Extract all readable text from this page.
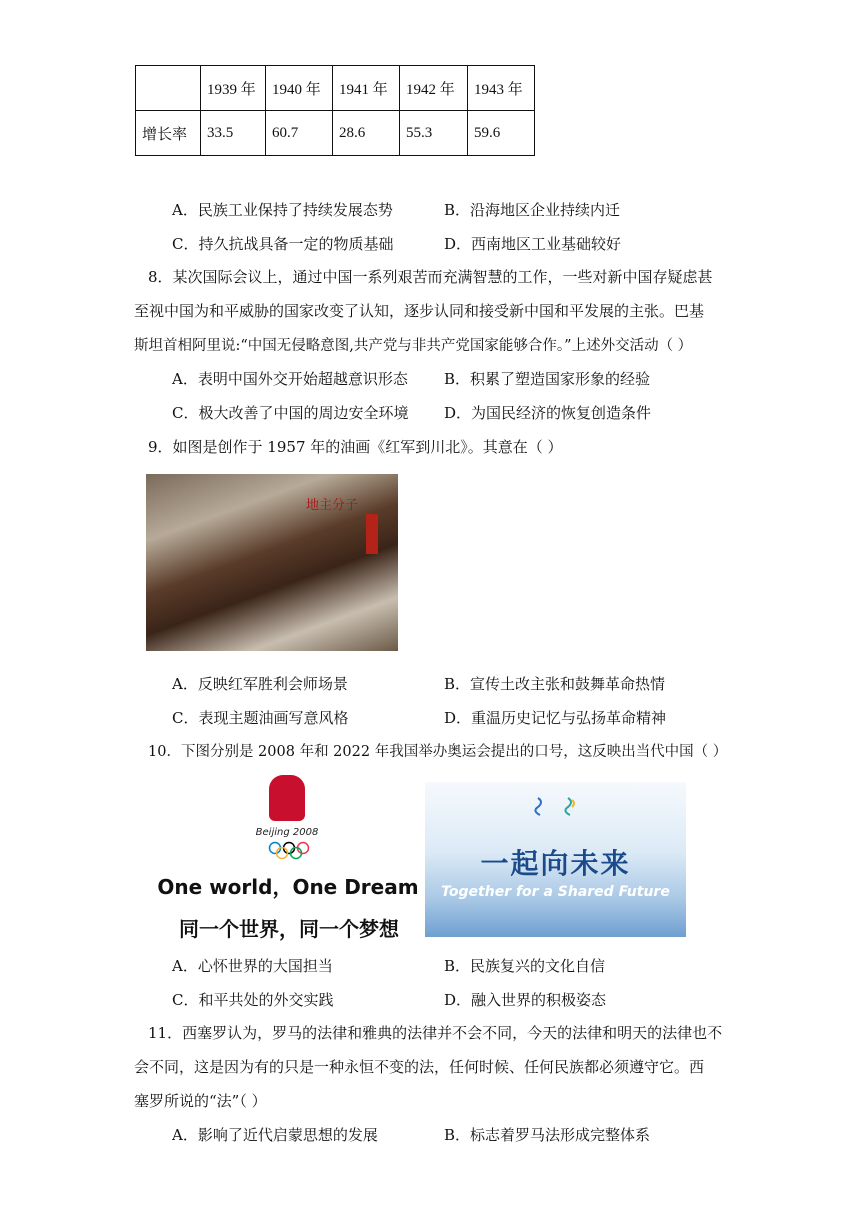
	1939 年	1940 年	1941 年	1942 年	1943 年
增长率	33.5	60.7	28.6	55.3	59.6
A．民族工业保持了持续发展态势	B．沿海地区企业持续内迁
C．持久抗战具备一定的物质基础	D．西南地区工业基础较好
8．某次国际会议上，通过中国一系列艰苦而充满智慧的工作，一些对新中国存疑虑甚
至视中国为和平威胁的国家改变了认知，逐步认同和接受新中国和平发展的主张。巴基
斯坦首相阿里说:“中国无侵略意图,共产党与非共产党国家能够合作。”上述外交活动（ ）
A．表明中国外交开始超越意识形态 B．积累了塑造国家形象的经验
C．极大改善了中国的周边安全环境 D．为国民经济的恢复创造条件
9．如图是创作于 1957 年的油画《红军到川北》。其意在（ ）
地主分子
A．反映红军胜利会师场景	B．宣传土改主张和鼓舞革命热情
C．表现主题油画写意风格	D．重温历史记忆与弘扬革命精神
10．下图分别是 2008 年和 2022 年我国举办奥运会提出的口号，这反映出当代中国（ ）
Beijing 2008
One world，One Dream
同一个世界，同一个梦想
一起向未来
Together for a Shared Future
A．心怀世界的大国担当	B．民族复兴的文化自信
C．和平共处的外交实践	D．融入世界的积极姿态
11．西塞罗认为，罗马的法律和雅典的法律并不会不同，今天的法律和明天的法律也不
会不同，这是因为有的只是一种永恒不变的法，任何时候、任何民族都必须遵守它。西
塞罗所说的“法”（ ）
A．影响了近代启蒙思想的发展	B．标志着罗马法形成完整体系
